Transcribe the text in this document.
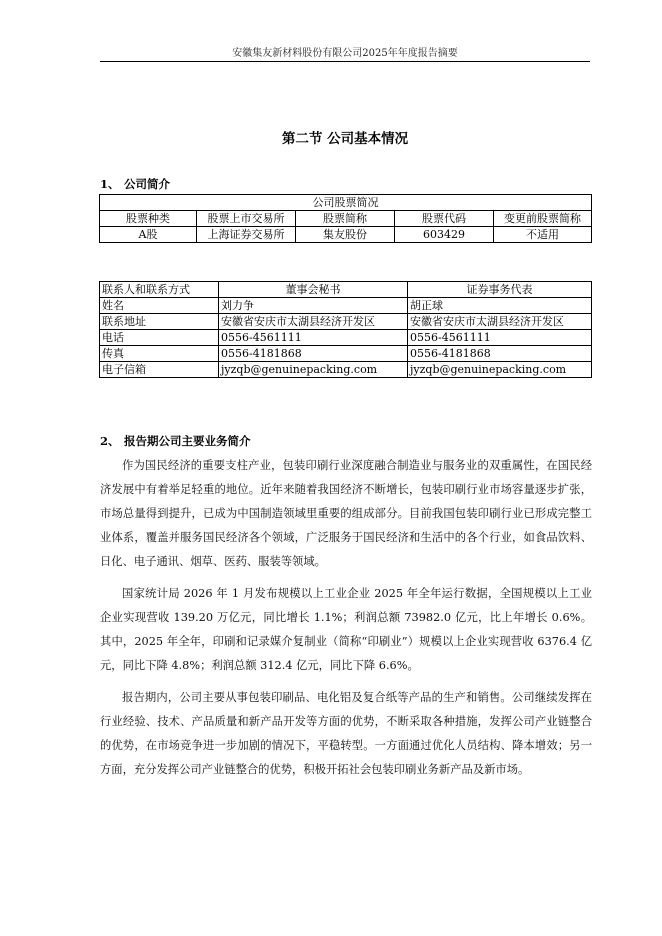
安徽集友新材料股份有限公司2025年年度报告摘要
第二节 公司基本情况
1、 公司简介
公司股票简况				
股票种类	股票上市交易所	股票简称	股票代码	变更前股票简称
A股	上海证券交易所	集友股份	603429	不适用
联系人和联系方式	董事会秘书	证券事务代表
姓名	刘力争	胡正球
联系地址	安徽省安庆市太湖县经济开发区	安徽省安庆市太湖县经济开发区
电话	0556-4561111	0556-4561111
传真	0556-4181868	0556-4181868
电子信箱	jyzqb@genuinepacking.com	jyzqb@genuinepacking.com
2、 报告期公司主要业务简介

作为国民经济的重要支柱产业，包装印刷行业深度融合制造业与服务业的双重属性，在国民经济发展中有着举足轻重的地位。近年来随着我国经济不断增长，包装印刷行业市场容量逐步扩张，市场总量得到提升，已成为中国制造领域里重要的组成部分。目前我国包装印刷行业已形成完整工业体系，覆盖并服务国民经济各个领域，广泛服务于国民经济和生活中的各个行业，如食品饮料、日化、电子通讯、烟草、医药、服装等领域。

国家统计局 2026 年 1 月发布规模以上工业企业 2025 年全年运行数据，全国规模以上工业企业实现营收 139.20 万亿元，同比增长 1.1%；利润总额 73982.0 亿元，比上年增长 0.6%。其中，2025 年全年，印刷和记录媒介复制业（简称“印刷业”）规模以上企业实现营收 6376.4 亿元，同比下降 4.8%；利润总额 312.4 亿元，同比下降 6.6%。

报告期内，公司主要从事包装印刷品、电化铝及复合纸等产品的生产和销售。公司继续发挥在行业经验、技术、产品质量和新产品开发等方面的优势，不断采取各种措施，发挥公司产业链整合的优势，在市场竞争进一步加剧的情况下，平稳转型。一方面通过优化人员结构、降本增效；另一方面，充分发挥公司产业链整合的优势，积极开拓社会包装印刷业务新产品及新市场。
